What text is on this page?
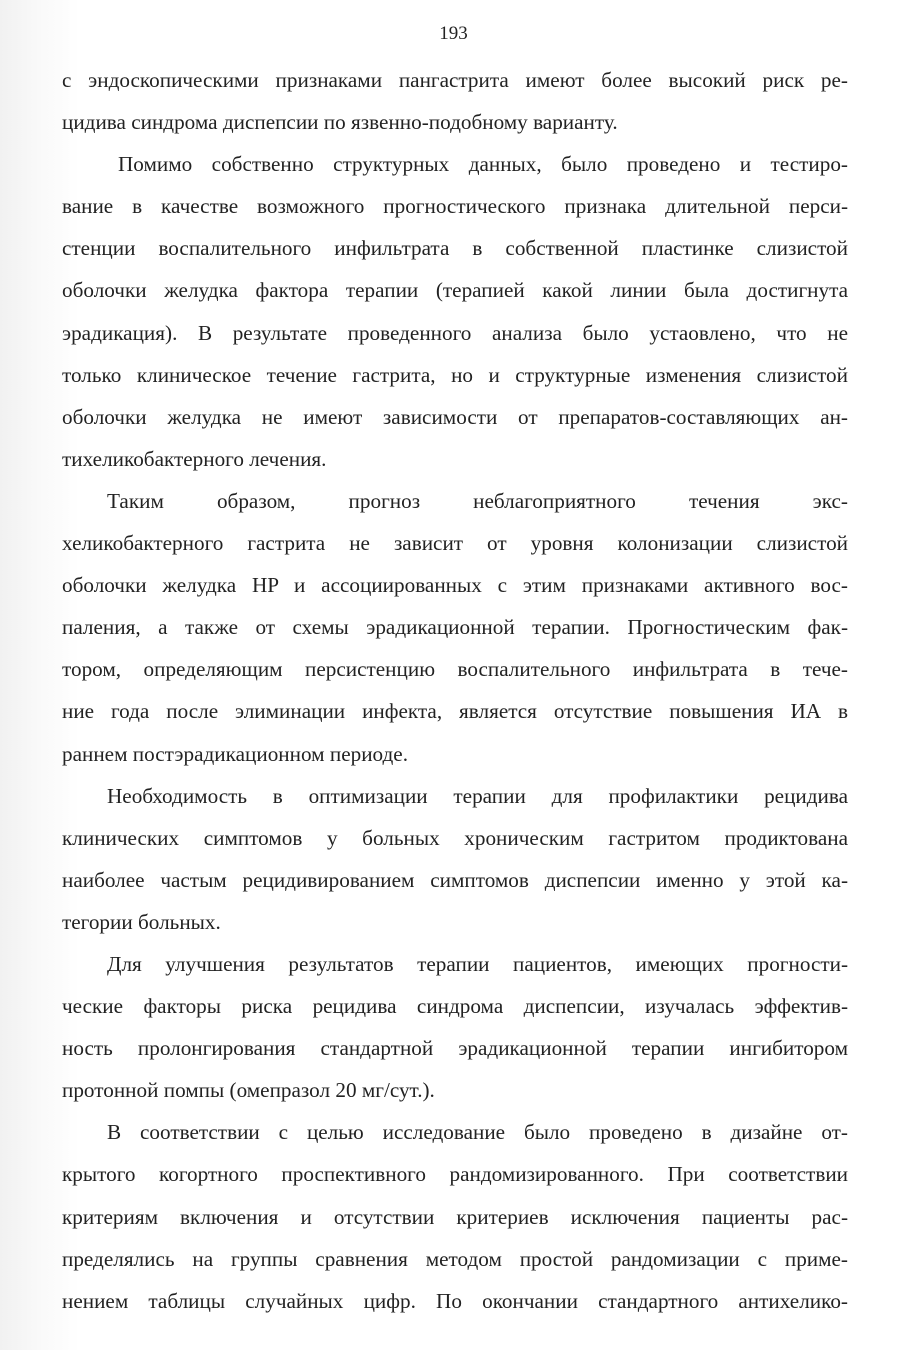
193
с эндоскопическими признаками пангастрита имеют более высокий риск ре-
цидива синдрома диспепсии по язвенно-подобному варианту.
Помимо собственно структурных данных, было проведено и тестиро-
вание в качестве возможного прогностического признака длительной перси-
стенции воспалительного инфильтрата в собственной пластинке слизистой
оболочки желудка фактора терапии (терапией какой линии была достигнута
эрадикация). В результате проведенного анализа было устаовлено, что не
только клиническое течение гастрита, но и структурные изменения слизистой
оболочки желудка не имеют зависимости от препаратов-составляющих ан-
тихеликобактерного лечения.
Таким образом, прогноз неблагоприятного течения экс-
хеликобактерного гастрита не зависит от уровня колонизации слизистой
оболочки желудка HP и ассоциированных с этим признаками активного вос-
паления, а также от схемы эрадикационной терапии. Прогностическим фак-
тором, определяющим персистенцию воспалительного инфильтрата в тече-
ние года после элиминации инфекта, является отсутствие повышения ИА в
раннем постэрадикационном периоде.
Необходимость в оптимизации терапии для профилактики рецидива
клинических симптомов у больных хроническим гастритом продиктована
наиболее частым рецидивированием симптомов диспепсии именно у этой ка-
тегории больных.
Для улучшения результатов терапии пациентов, имеющих прогности-
ческие факторы риска рецидива синдрома диспепсии, изучалась эффектив-
ность пролонгирования стандартной эрадикационной терапии ингибитором
протонной помпы (омепразол 20 мг/сут.).
В соответствии с целью исследование было проведено в дизайне от-
крытого когортного проспективного рандомизированного. При соответствии
критериям включения и отсутствии критериев исключения пациенты рас-
пределялись на группы сравнения методом простой рандомизации с приме-
нением таблицы случайных цифр. По окончании стандартного антихелико-
